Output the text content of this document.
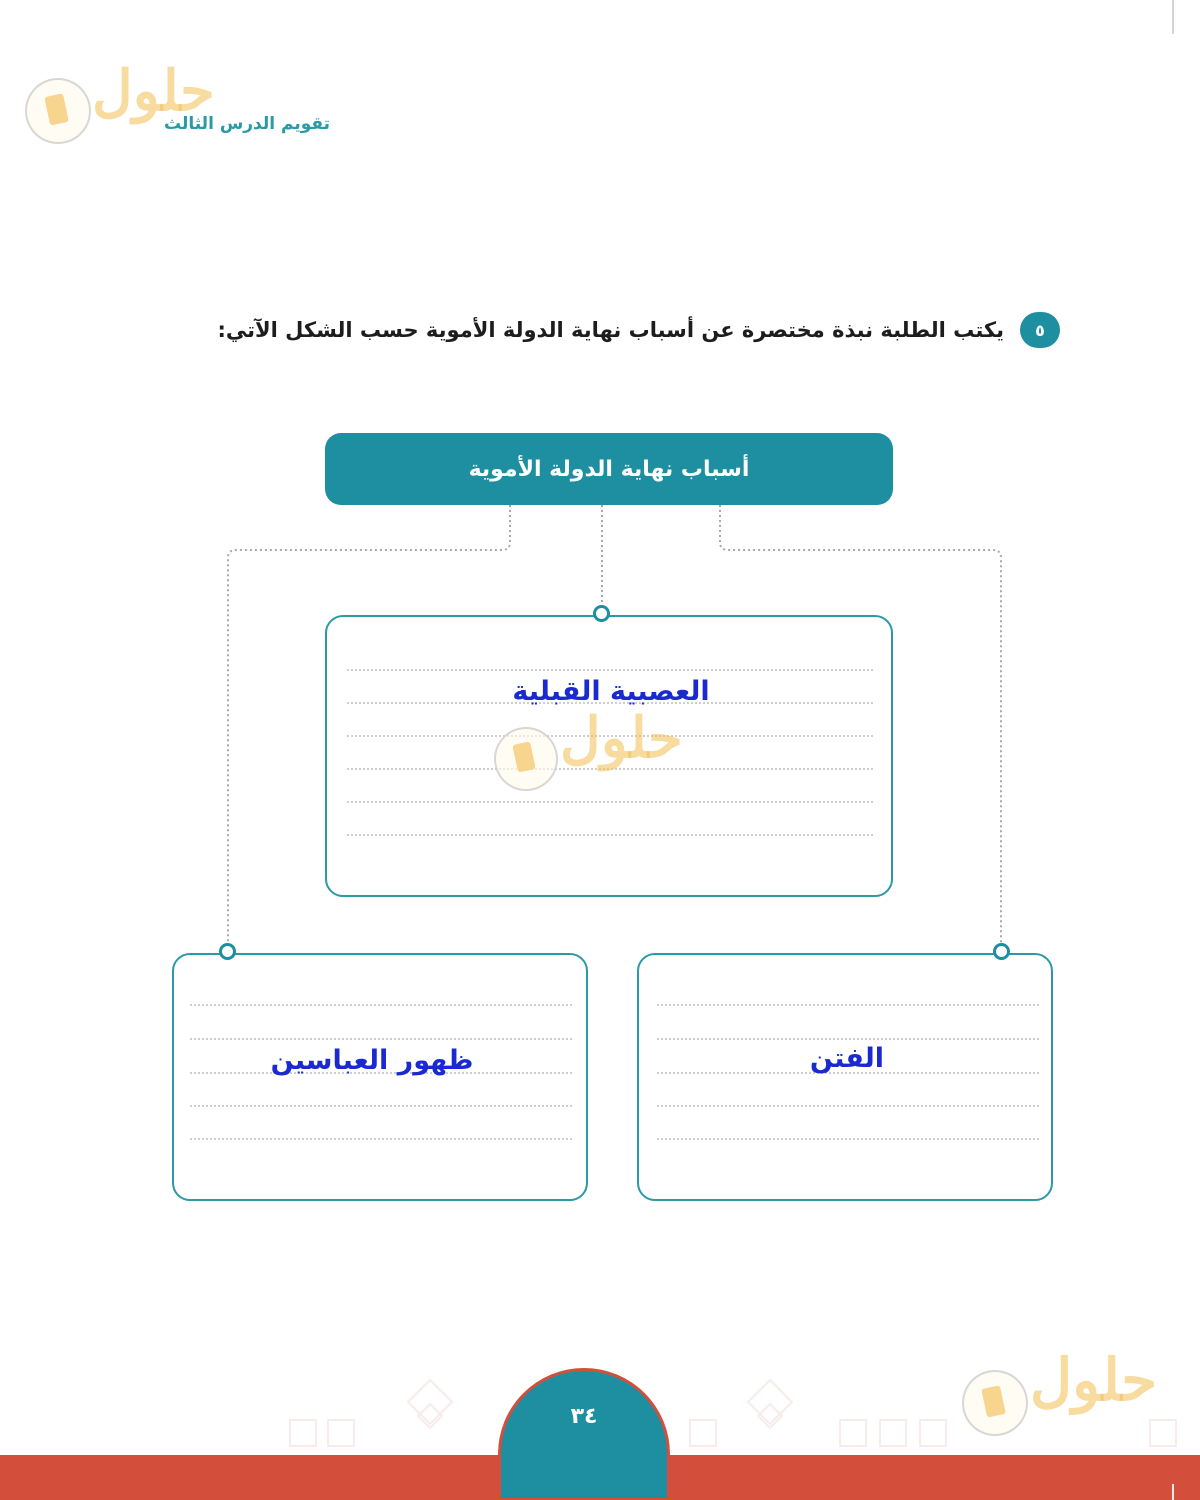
تقويم الدرس الثالث
حلول
٥
يكتب الطلبة نبذة مختصرة عن أسباب نهاية الدولة الأموية حسب الشكل الآتي:
أسباب نهاية الدولة الأموية
العصبية القبلية
حلول
الفتن
ظهور العباسين
حلول
٣٤
